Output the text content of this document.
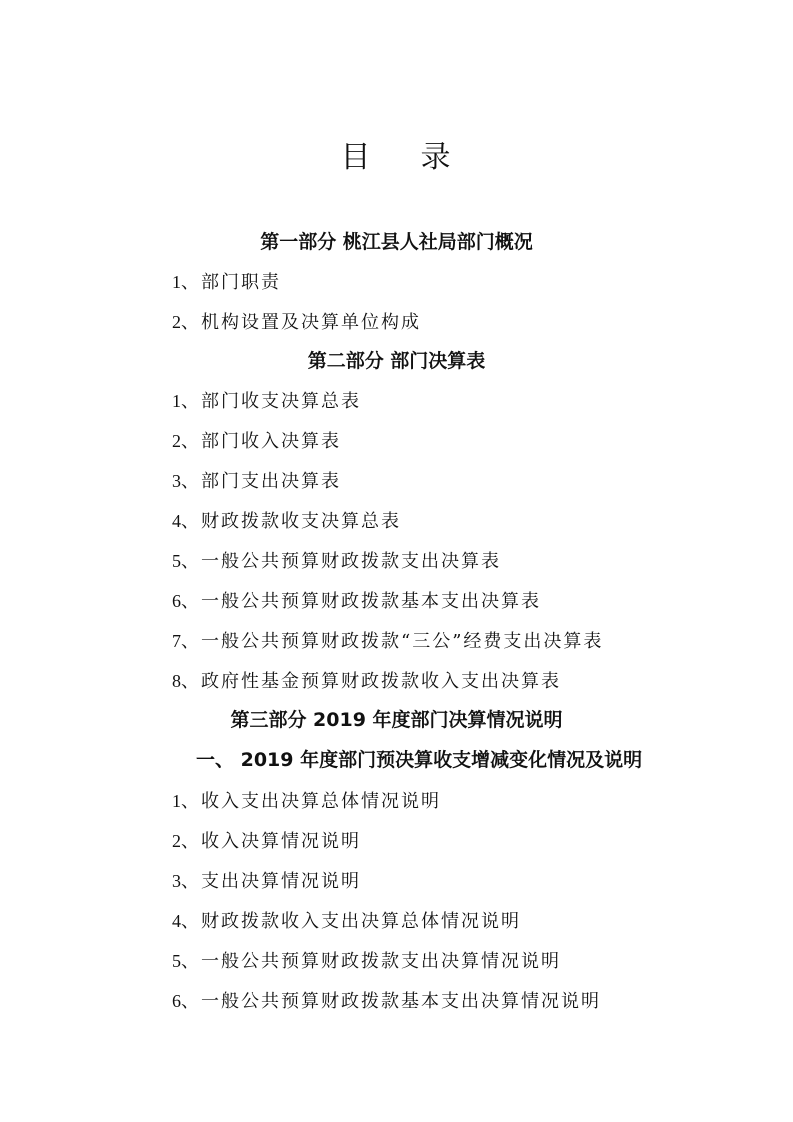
目 录
第一部分 桃江县人社局部门概况
1、部门职责
2、机构设置及决算单位构成
第二部分 部门决算表
1、部门收支决算总表
2、部门收入决算表
3、部门支出决算表
4、财政拨款收支决算总表
5、一般公共预算财政拨款支出决算表
6、一般公共预算财政拨款基本支出决算表
7、一般公共预算财政拨款“三公”经费支出决算表
8、政府性基金预算财政拨款收入支出决算表
第三部分 2019 年度部门决算情况说明
一、 2019 年度部门预决算收支增减变化情况及说明
1、收入支出决算总体情况说明
2、收入决算情况说明
3、支出决算情况说明
4、财政拨款收入支出决算总体情况说明
5、一般公共预算财政拨款支出决算情况说明
6、一般公共预算财政拨款基本支出决算情况说明
